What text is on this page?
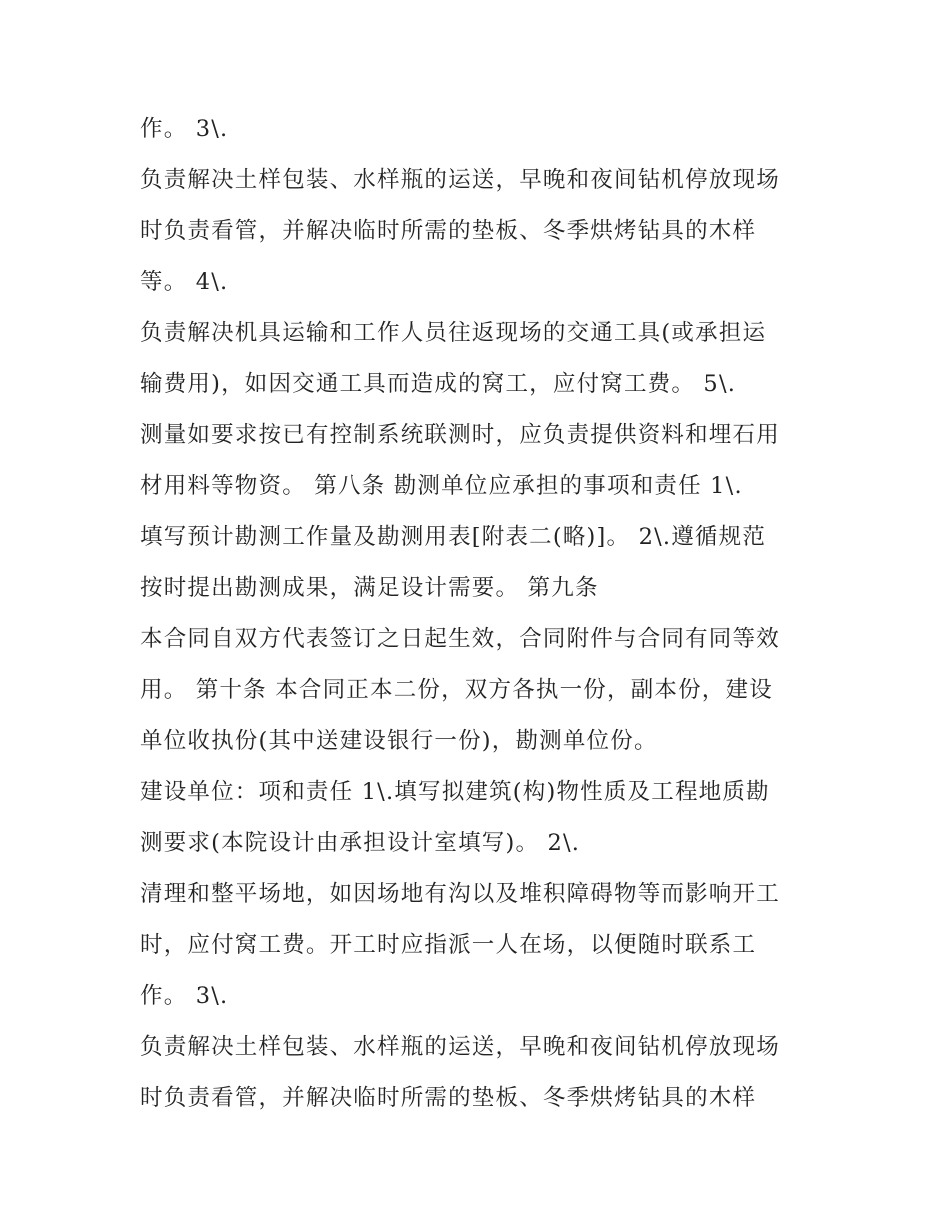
作。 3\.
负责解决土样包装、水样瓶的运送，早晚和夜间钻机停放现场
时负责看管，并解决临时所需的垫板、冬季烘烤钻具的木样
等。 4\.
负责解决机具运输和工作人员往返现场的交通工具(或承担运
输费用)，如因交通工具而造成的窝工，应付窝工费。 5\.
测量如要求按已有控制系统联测时，应负责提供资料和埋石用
材用料等物资。 第八条 勘测单位应承担的事项和责任 1\.
填写预计勘测工作量及勘测用表[附表二(略)]。 2\.遵循规范
按时提出勘测成果，满足设计需要。 第九条
本合同自双方代表签订之日起生效，合同附件与合同有同等效
用。 第十条 本合同正本二份，双方各执一份，副本份，建设
单位收执份(其中送建设银行一份)，勘测单位份。
建设单位：项和责任 1\.填写拟建筑(构)物性质及工程地质勘
测要求(本院设计由承担设计室填写)。 2\.
清理和整平场地，如因场地有沟以及堆积障碍物等而影响开工
时，应付窝工费。开工时应指派一人在场，以便随时联系工
作。 3\.
负责解决土样包装、水样瓶的运送，早晚和夜间钻机停放现场
时负责看管，并解决临时所需的垫板、冬季烘烤钻具的木样
